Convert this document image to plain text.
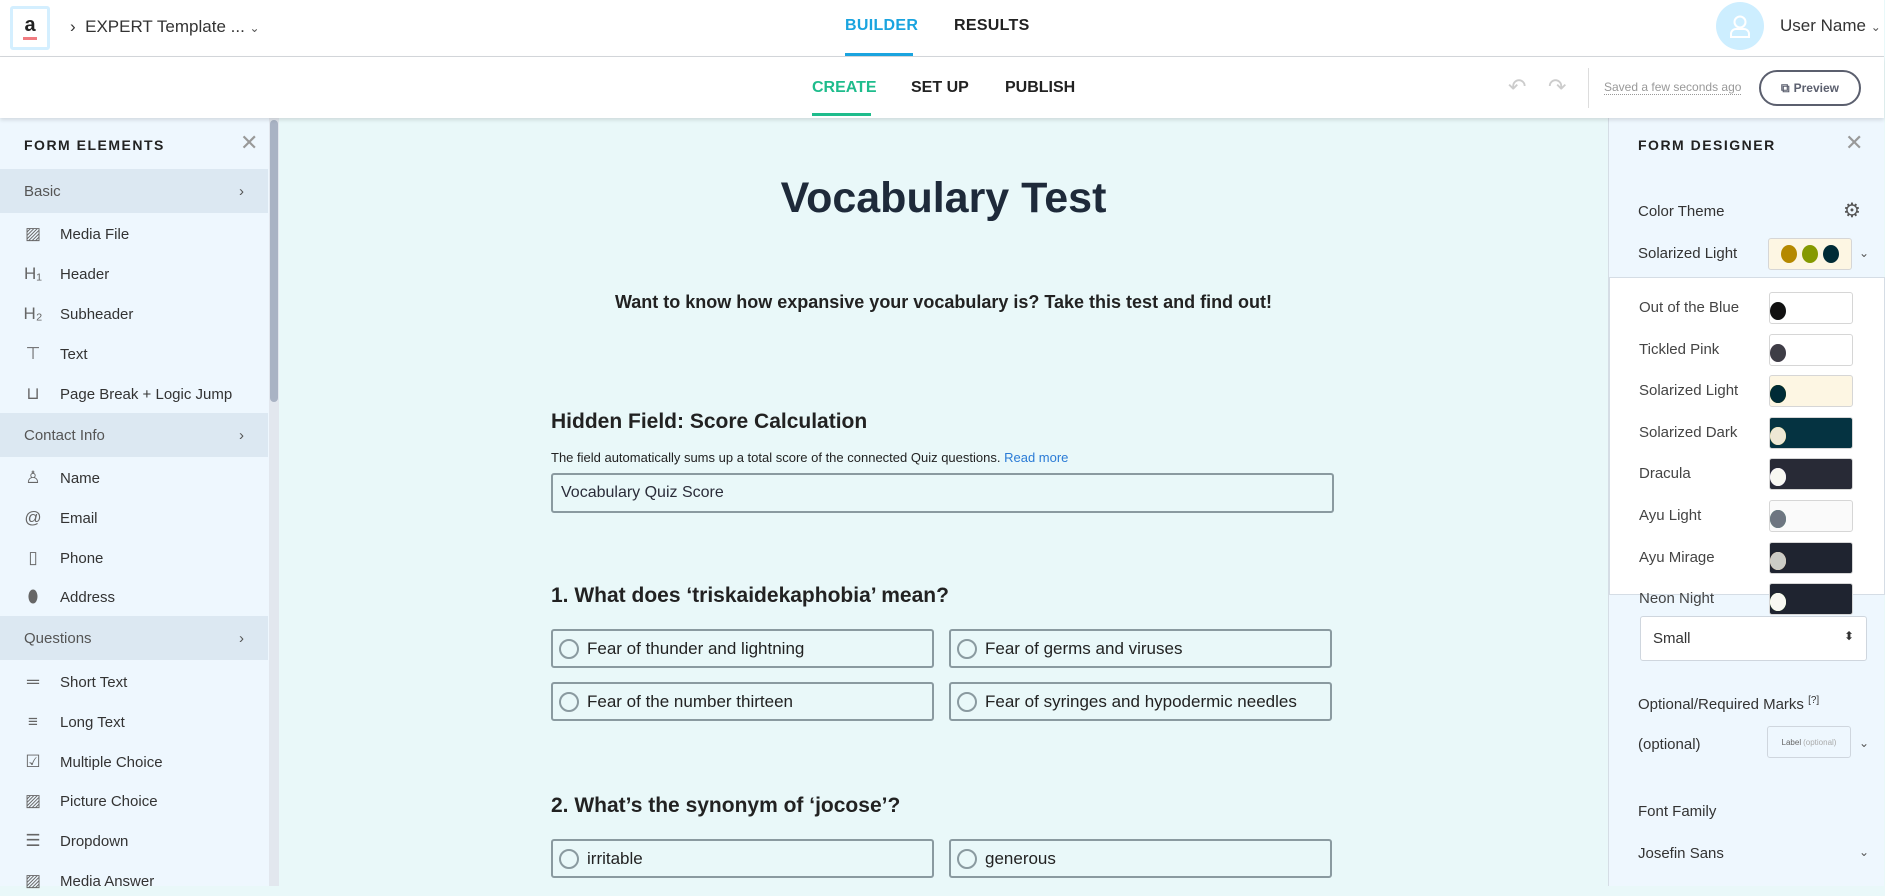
a ›  EXPERT Template ... ⌄	BUILDER RESULTS	User Name ⌄
CREATE SET UP PUBLISH	↶ ↷	Saved a few seconds ago	⧉ Preview
FORM ELEMENTS	✕
Basic	›
▨ Media File
H₁ Header
H₂ Subheader
⊤ Text
⊔ Page Break + Logic Jump
Contact Info	›
♙ Name
@ Email
▯	Phone
⬮	Address
Questions	›
═	Short Text
≡	Long Text
☑ Multiple Choice
▨ Picture Choice
☰ Dropdown
▨ Media Answer
Vocabulary Test
Want to know how expansive your vocabulary is? Take this test and find out!
Hidden Field: Score Calculation
The field automatically sums up a total score of the connected Quiz questions. Read more
Vocabulary Quiz Score
1. What does ‘triskaidekaphobia’ mean?
Fear of thunder and lightning	Fear of germs and viruses
Fear of the number thirteen	Fear of syringes and hypodermic needles
2. What’s the synonym of ‘jocose’?
irritable	generous
FORM DESIGNER	✕
Color Theme	⚙
Solarized Light	⌄
Out of the Blue
Tickled Pink
Solarized Light
Solarized Dark
Dracula
Ayu Light
Ayu Mirage
Neon Night
Small	⬍
Optional/Required Marks [?]
(optional)	Label (optional) ⌄
Font Family
Josefin Sans	⌄
